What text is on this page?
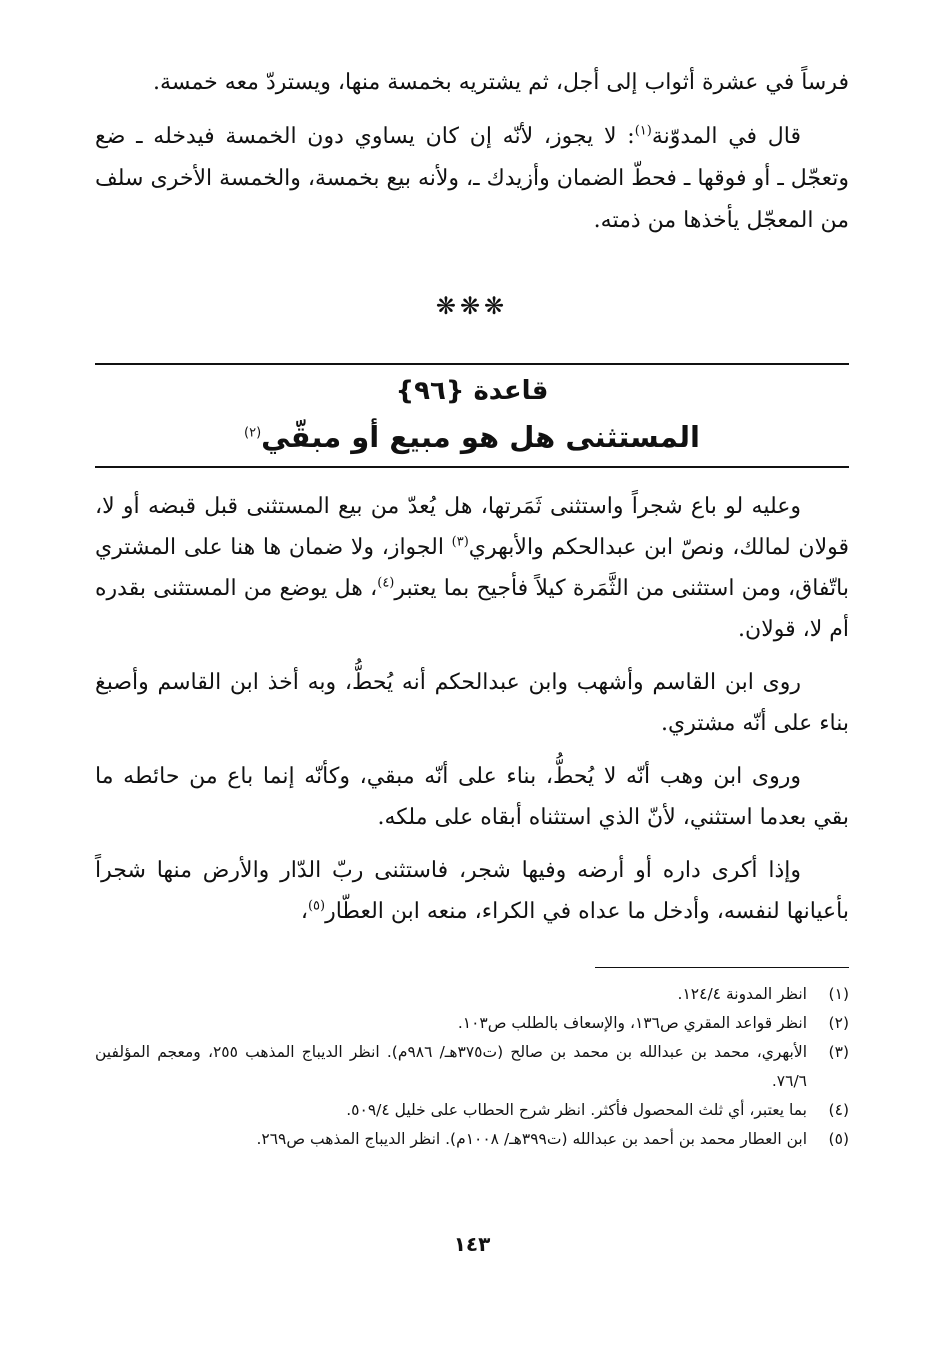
فرساً في عشرة أثواب إلى أجل، ثم يشتريه بخمسة منها، ويستردّ معه خمسة.

قال في المدوّنة$^{(١)}$: لا يجوز، لأنّه إن كان يساوي دون الخمسة فيدخله ـ ضع وتعجّل ـ أو فوقها ـ فحطّ الضمان وأزيدك ـ، ولأنه بيع بخمسة، والخمسة الأخرى سلف من المعجّل يأخذها من ذمته.

❋❋❋
قاعدة {٩٦}
المستثنى هل هو مبيع أو مبقّي$^{(٢)}$

وعليه لو باع شجراً واستثنى ثَمَرتها، هل يُعدّ من بيع المستثنى قبل قبضه أو لا، قولان لمالك، ونصّ ابن عبدالحكم والأبهري$^{(٣)}$ الجواز، ولا ضمان ها هنا على المشتري باتّفاق، ومن استثنى من الثَّمَرة كيلاً فأجيح بما يعتبر$^{(٤)}$، هل يوضع من المستثنى بقدره أم لا، قولان.

روى ابن القاسم وأشهب وابن عبدالحكم أنه يُحطُّ، وبه أخذ ابن القاسم وأصبغ بناء على أنّه مشتري.

وروى ابن وهب أنّه لا يُحطُّ، بناء على أنّه مبقي، وكأنّه إنما باع من حائطه ما بقي بعدما استثني، لأنّ الذي استثناه أبقاه على ملكه.

وإذا أكرى داره أو أرضه وفيها شجر، فاستثنى ربّ الدّار والأرض منها شجراً بأعيانها لنفسه، وأدخل ما عداه في الكراء، منعه ابن العطّار$^{(٥)}$،

(١)
انظر المدونة ١٢٤/٤.
(٢)
انظر قواعد المقري ص١٣٦، والإسعاف بالطلب ص١٠٣.
(٣)
الأبهري، محمد بن عبدالله بن محمد بن صالح (ت٣٧٥هـ/ ٩٨٦م). انظر الديباج المذهب ٢٥٥، ومعجم المؤلفين ٧٦/٦.
(٤)
بما يعتبر، أي ثلث المحصول فأكثر. انظر شرح الحطاب على خليل ٥٠٩/٤.
(٥)
ابن العطار محمد بن أحمد بن عبدالله (ت٣٩٩هـ/ ١٠٠٨م). انظر الديباج المذهب ص٢٦٩.
١٤٣
